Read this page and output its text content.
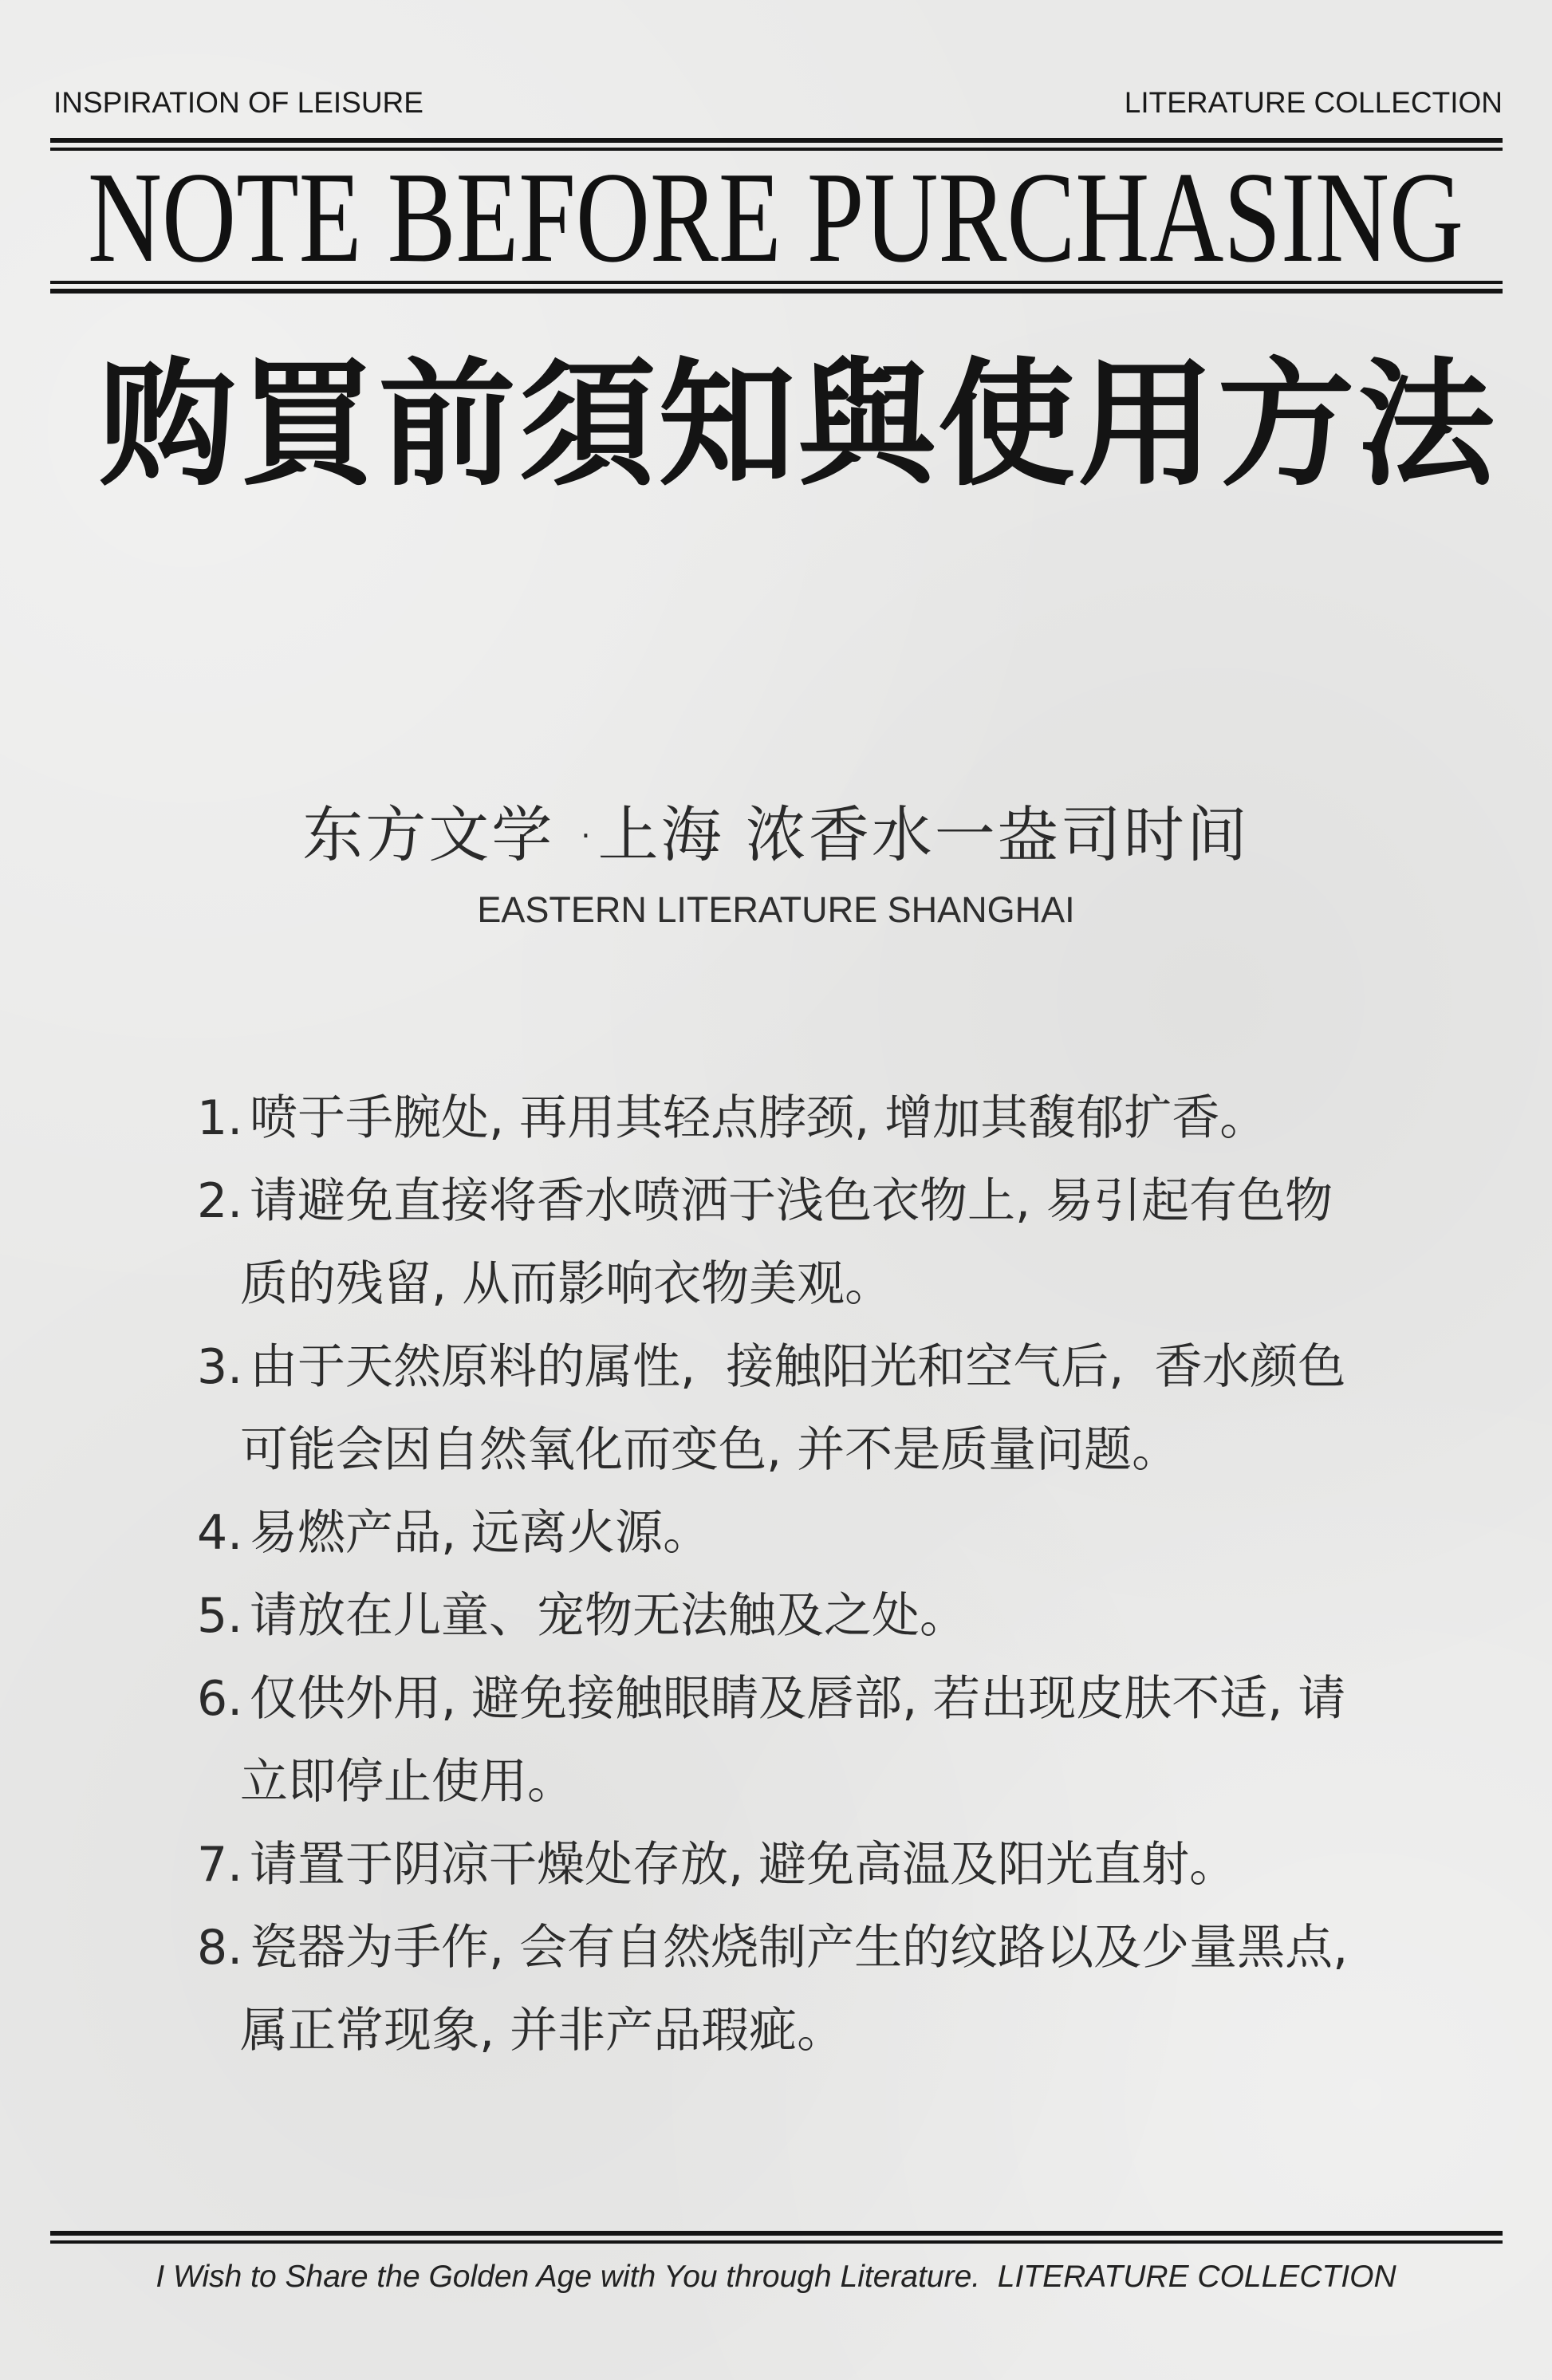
INSPIRATION OF LEISURE	LITERATURE COLLECTION
NOTE BEFORE PURCHASING
购買前須知與使用方法
东方文学 ·上海 浓香水一盎司时间
EASTERN LITERATURE SHANGHAI
1. 喷于手腕处, 再用其轻点脖颈, 增加其馥郁扩香。
2. 请避免直接将香水喷洒于浅色衣物上, 易引起有色物
质的残留, 从而影响衣物美观。
3. 由于天然原料的属性,  接触阳光和空气后,  香水颜色
可能会因自然氧化而变色, 并不是质量问题。
4. 易燃产品, 远离火源。
5. 请放在儿童、宠物无法触及之处。
6. 仅供外用, 避免接触眼睛及唇部, 若出现皮肤不适, 请
立即停止使用。
7. 请置于阴凉干燥处存放, 避免高温及阳光直射。
8. 瓷器为手作, 会有自然烧制产生的纹路以及少量黑点,
属正常现象, 并非产品瑕疵。
I Wish to Share the Golden Age with You through Literature.  LITERATURE COLLECTION
